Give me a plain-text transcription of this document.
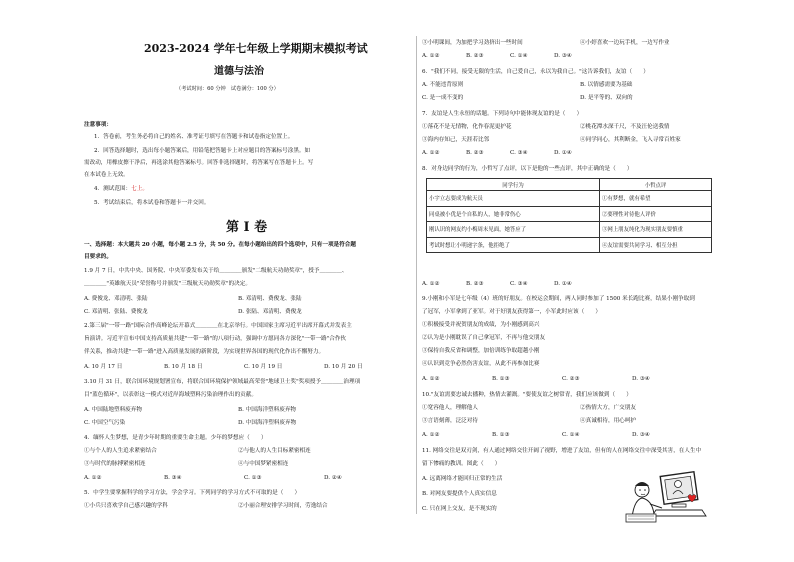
2023-2024 学年七年级上学期期末模拟考试
道德与法治
（考试时间：60 分钟　试卷满分：100 分）
注意事项：
1．答卷前，考生务必将自己的姓名、准考证号填写在答题卡和试卷指定位置上。
2．回答选择题时，选出每小题答案后，用铅笔把答题卡上对应题目的答案标号涂黑。如
需改动，用橡皮擦干净后，再选涂其他答案标号。回答非选择题时，将答案写在答题卡上。写
在本试卷上无效。
4．测试范围：七上。
5．考试结束后，将本试卷和答题卡一并交回。
第 I 卷
一、选择题：本大题共 20 小题，每小题 2.5 分，共 50 分。在每小题给出的四个选项中，只有一项是符合题
目要求的。
1.9 月 7 日，中共中央、国务院、中央军委发布关于给＿＿＿＿颁发"二级航天功勋奖章"，授予＿＿＿＿、
＿＿＿＿"英雄航天员"荣誉称号并颁发"三级航天功勋奖章"的决定。
A. 费俊龙、邓清明、张陆	B. 邓清明、费俊龙、张陆
C. 邓清明、张陆、费俊龙	D. 张陆、邓清明、费俊龙
2.第三届"一带一路"国际合作高峰论坛开幕式＿＿＿＿在北京举行。中国国家主席习近平出席开幕式并发表主
旨演讲。习近平宣布中国支持高质量共建"一带一路"的八项行动，强调中方愿同各方深化"一带一路"合作伙
伴关系，推动共建"一带一路"进入高质量发展的新阶段，为实现世界各国的现代化作出不懈努力。
A. 10 月 17 日	B. 10 月 18 日	C. 10 月 19 日	D. 10 月 20 日
3.10 月 31 日，联合国环境规划署宣布，将联合国环境保护领域最高荣誉"地球卫士奖"奖项授予＿＿＿＿治理项
目"蓝色循环"，以表彰这一模式对近岸海域塑料污染治理作出的贡献。
A. 中国陆地塑料废弃物	B. 中国海洋塑料废弃物
C. 中国空气污染	D. 中国海洋塑料废弃物
4．缅怀人生梦想，是青少年时期的重要生命主题。少年的梦想应（　　）
①与个人的人生追求紧密结合	②与他人的人生目标紧密相连
③与时代的脉搏紧密相连	④与中国梦紧密相连
A. ①②	B. ③④	C. ①③	D. ②④
5．中学生要掌握科学的学习方法，学会学习。下列同学的学习方式不可取的是（　　）
①小兵只喜欢学自己感兴趣的学科	②小丽合理安排学习时间，劳逸结合
③小明课间，为加把学习劲挤出一些时间	④小婷喜欢一边玩手机，一边写作业
A. ①②	B. ②③	C. ①④	D. ③④
6．"我们不同，接受无限的生活，自己爱自己，永以为我自己。"这告诉我们，友谊（　　）
A. 不能违背原则	B. 以情感需要为基础
C. 是一成不变的	D. 是平等的、双向的
7．友谊是人生永恒的话题。下列诗句中能体现友谊的是（　　）
①落花不是无情物，化作春泥更护花	②桃花潭水深千尺，不及汪伦送我情
③海内存知己，天涯若比邻	④同学同心，其利断金，飞入寻常百姓家
A. ①②	B. ②③	C. ③④	D. ①④
8．对身边同学的行为，小哲写了点评，以下是他的一些点评，其中正确的是（　　）
同学行为	小哲点评
小宇立志要成为航天员	①有梦想，就有希望
同桌被小优是个自私的人，她非常伤心	②要理性对待他人评价
刚认识的网友约小梅周末见面，她答应了	③网上朋友纯化为现实朋友要慎重
考试时想让小明递字条，他拒绝了	④友谊需要共同学习、相互分担
A. ①②	B. ②③	C. ③④	D. ①④
9.小刚和小军是七年级（4）班的好朋友。在校运会期间，两人同时参加了 1500 米长跑比赛，结果小刚争取到
了冠军，小军拿到了亚军。对于好朋友获得第一，小军此时应该（　　）
①积极接受并祝贺朋友的成绩，为小刚感到高兴
②认为是小刚耽误了自己拿冠军，不再与他交朋友
③保持自我反省和调整，加倍训练争取超越小刚
④认识到竞争必然伤害友谊，从此不再参加比赛
A. ①②	B. ①③	C. ②③	D. ③④
10."友谊需要忠诚去播种，热情去灌溉。"要使友谊之树常青，我们应该做到（　　）
①宽容他人，理解他人	②热情大方，广交朋友
③言语刻薄，泛泛对待	④真诚相待，用心呵护
A. ①②	B. ①③	C. ①④	D. ③④
11. 网络交往是双刃剑，有人通过网络交往开阔了视野，增进了友谊，但有的人在网络交往中深受其害，在人生中
留下惨痛的教训。图此（　　）
A. 远离网络才能回归正常的生活
B. 对网友要提供个人真实信息
C. 只在网上交友，是不现实的
